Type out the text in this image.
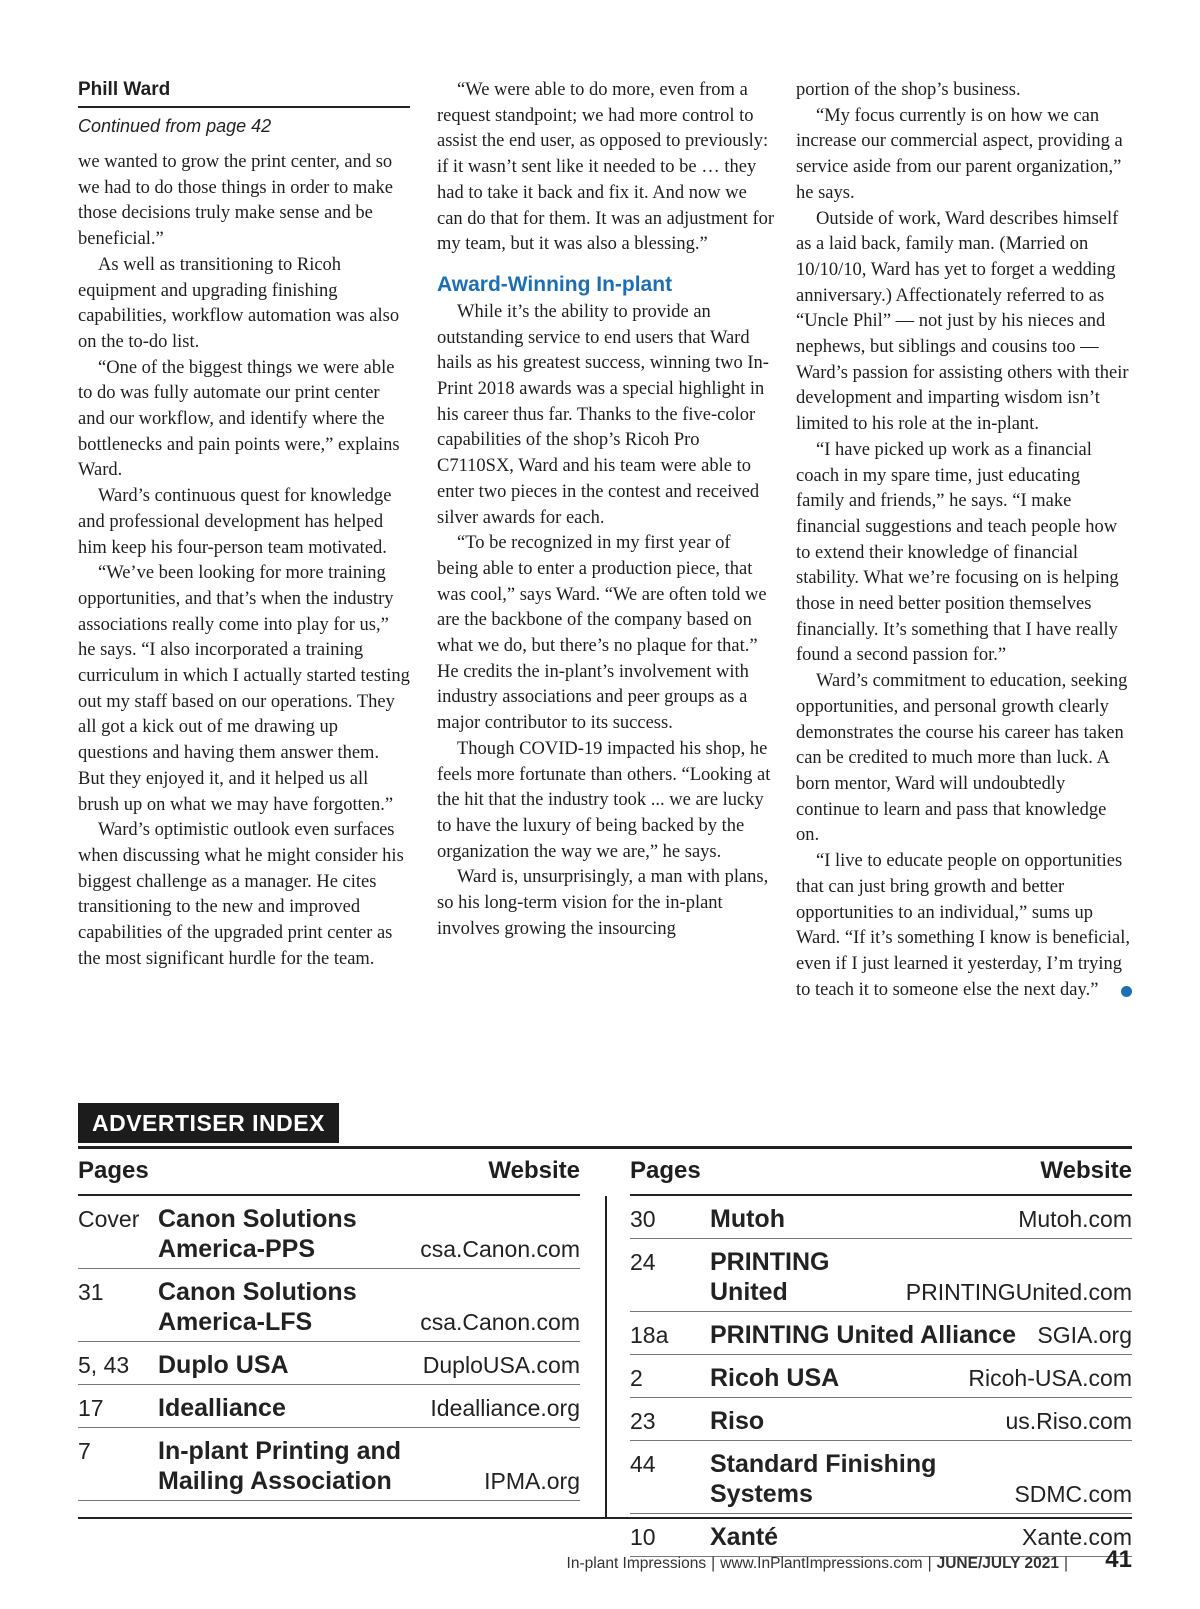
Phill Ward
Continued from page 42

we wanted to grow the print center, and so we had to do those things in order to make those decisions truly make sense and be beneficial.”

As well as transitioning to Ricoh equipment and upgrading finishing capabilities, workflow automation was also on the to-do list.

“One of the biggest things we were able to do was fully automate our print center and our workflow, and identify where the bottlenecks and pain points were,” explains Ward.

Ward’s continuous quest for knowledge and professional development has helped him keep his four-person team motivated.

“We’ve been looking for more training opportunities, and that’s when the industry associations really come into play for us,” he says. “I also incorporated a training curriculum in which I actually started testing out my staff based on our operations. They all got a kick out of me drawing up questions and having them answer them. But they enjoyed it, and it helped us all brush up on what we may have forgotten.”

Ward’s optimistic outlook even surfaces when discussing what he might consider his biggest challenge as a manager. He cites transitioning to the new and improved capabilities of the upgraded print center as the most significant hurdle for the team.

“We were able to do more, even from a request standpoint; we had more control to assist the end user, as opposed to previously: if it wasn’t sent like it needed to be … they had to take it back and fix it. And now we can do that for them. It was an adjustment for my team, but it was also a blessing.”

Award-Winning In-plant

While it’s the ability to provide an outstanding service to end users that Ward hails as his greatest success, winning two In-Print 2018 awards was a special highlight in his career thus far. Thanks to the five-color capabilities of the shop’s Ricoh Pro C7110SX, Ward and his team were able to enter two pieces in the contest and received silver awards for each.

“To be recognized in my first year of being able to enter a production piece, that was cool,” says Ward. “We are often told we are the backbone of the company based on what we do, but there’s no plaque for that.” He credits the in-plant’s involvement with industry associations and peer groups as a major contributor to its success.

Though COVID-19 impacted his shop, he feels more fortunate than others. “Looking at the hit that the industry took ... we are lucky to have the luxury of being backed by the organization the way we are,” he says.

Ward is, unsurprisingly, a man with plans, so his long-term vision for the in-plant involves growing the insourcing

portion of the shop’s business.

“My focus currently is on how we can increase our commercial aspect, providing a service aside from our parent organization,” he says.

Outside of work, Ward describes himself as a laid back, family man. (Married on 10/10/10, Ward has yet to forget a wedding anniversary.) Affectionately referred to as “Uncle Phil” — not just by his nieces and nephews, but siblings and cousins too — Ward’s passion for assisting others with their development and imparting wisdom isn’t limited to his role at the in-plant.

“I have picked up work as a financial coach in my spare time, just educating family and friends,” he says. “I make financial suggestions and teach people how to extend their knowledge of financial stability. What we’re focusing on is helping those in need better position themselves financially. It’s something that I have really found a second passion for.”

Ward’s commitment to education, seeking opportunities, and personal growth clearly demonstrates the course his career has taken can be credited to much more than luck. A born mentor, Ward will undoubtedly continue to learn and pass that knowledge on.

“I live to educate people on opportunities that can just bring growth and better opportunities to an individual,” sums up Ward. “If it’s something I know is beneficial, even if I just learned it yesterday, I’m trying to teach it to someone else the next day.”

ADVERTISER INDEX
Pages	Website Pages	Website
Cover Canon Solutions
America-PPS	csa.Canon.com
31	Canon Solutions
America-LFS	csa.Canon.com
5, 43	Duplo USA	DuploUSA.com
17	Idealliance	Idealliance.org
7	In-plant Printing and
Mailing Association	IPMA.org
30	Mutoh	Mutoh.com
24	PRINTING United	PRINTINGUnited.com
18a	PRINTING United Alliance SGIA.org
2	Ricoh USA	Ricoh-USA.com
23	Riso	us.Riso.com
44	Standard Finishing
Systems	SDMC.com
10	Xanté	Xante.com
In-plant Impressions | www.InPlantImpressions.com | JUNE/JULY 2021 | 41
